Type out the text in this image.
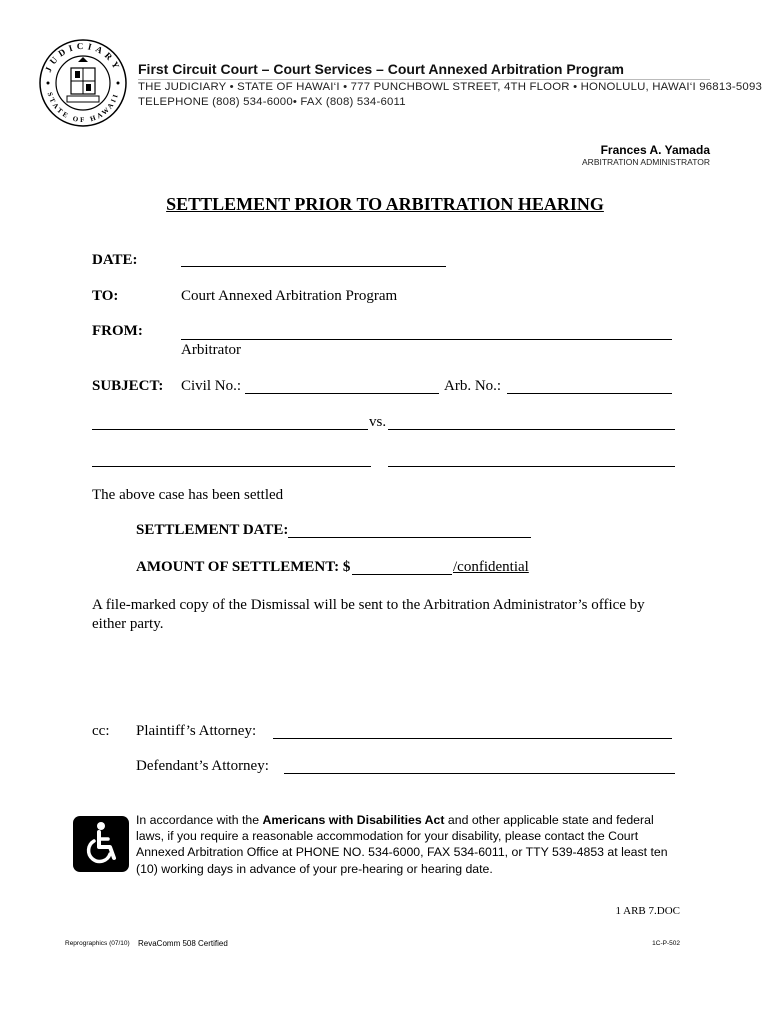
JUDICIARY
STATE OF HAWAII
First Circuit Court – Court Services – Court Annexed Arbitration Program
THE JUDICIARY • STATE OF HAWAI‘I • 777 PUNCHBOWL STREET, 4TH FLOOR • HONOLULU, HAWAI‘I 96813-5093
TELEPHONE (808) 534-6000• FAX (808) 534-6011
Frances A. Yamada
ARBITRATION ADMINISTRATOR
SETTLEMENT PRIOR TO ARBITRATION HEARING
DATE:
TO:	Court Annexed Arbitration Program
FROM:
Arbitrator
SUBJECT: Civil No.:	Arb. No.:
vs.
The above case has been settled
SETTLEMENT DATE:
AMOUNT OF SETTLEMENT: $	/confidential
A file-marked copy of the Dismissal will be sent to the Arbitration Administrator’s office by either party.
cc: Plaintiff’s Attorney:
Defendant’s Attorney:
In accordance with the Americans with Disabilities Act and other applicable state and federal laws, if you require a reasonable accommodation for your disability, please contact the Court Annexed Arbitration Office at PHONE NO. 534-6000, FAX 534-6011, or TTY 539-4853 at least ten (10) working days in advance of your pre-hearing or hearing date.
1 ARB 7.DOC
Reprographics (07/10) RevaComm 508 Certified	1C-P-502
